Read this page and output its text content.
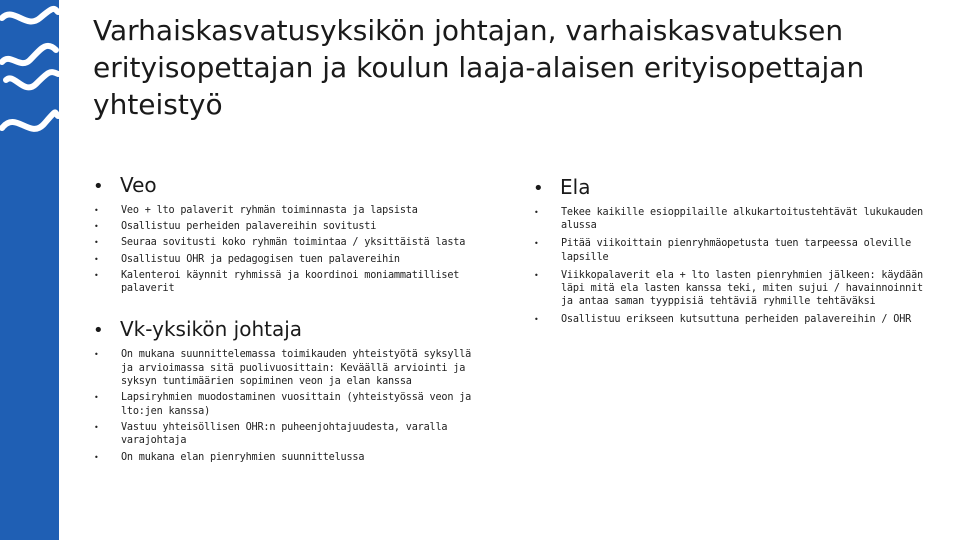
Varhaiskasvatusyksikön johtajan, varhaiskasvatuksen erityisopettajan ja koulun laaja-alaisen erityisopettajan yhteistyö
• Veo
•	Veo + lto palaverit ryhmän toiminnasta ja lapsista
•	Osallistuu perheiden palavereihin sovitusti
•	Seuraa sovitusti koko ryhmän toimintaa / yksittäistä lasta
•	Osallistuu OHR ja pedagogisen tuen palavereihin
•	Kalenteroi käynnit ryhmissä ja koordinoi moniammatilliset palaverit
• Vk-yksikön johtaja
•	On mukana suunnittelemassa toimikauden yhteistyötä syksyllä ja arvioimassa sitä puolivuosittain: Keväällä arviointi ja syksyn tuntimäärien sopiminen veon ja elan kanssa
•	Lapsiryhmien muodostaminen vuosittain (yhteistyössä veon ja lto:jen kanssa)
•	Vastuu yhteisöllisen OHR:n puheenjohtajuudesta, varalla varajohtaja
•	On mukana elan pienryhmien suunnittelussa
• Ela
•	Tekee kaikille esioppilaille alkukartoitustehtävät lukukauden alussa
•	Pitää viikoittain pienryhmäopetusta tuen tarpeessa oleville lapsille
•	Viikkopalaverit ela + lto lasten pienryhmien jälkeen: käydään läpi mitä ela lasten kanssa teki, miten sujui / havainnoinnit ja antaa saman tyyppisiä tehtäviä ryhmille tehtäväksi
•	Osallistuu erikseen kutsuttuna perheiden palavereihin / OHR
